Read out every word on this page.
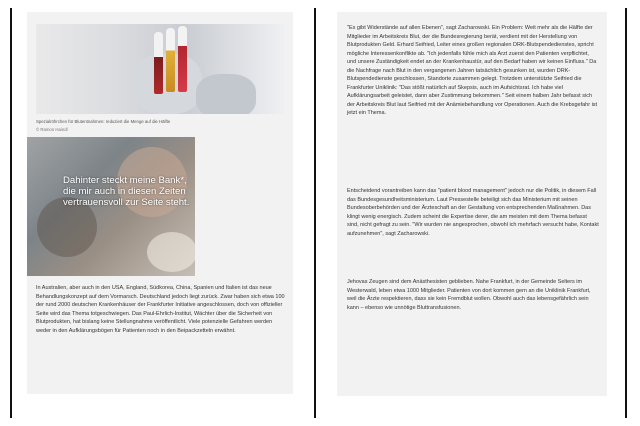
Spezialröhrchen für Blutentnahmen: reduziert die Menge auf die Hälfte
© Ramon Haindl
Dahinter steckt meine Bank*, die mir auch in diesen Zeiten vertrauensvoll zur Seite steht.

In Australien, aber auch in den USA, England, Südkorea, China, Spanien und Italien ist das neue Behandlungskonzept auf dem Vormarsch. Deutschland jedoch liegt zurück. Zwar haben sich etwa 100 der rund 2000 deutschen Krankenhäuser der Frankfurter Initiative angeschlossen, doch von offizieller Seite wird das Thema totgeschwiegen. Das Paul-Ehrlich-Institut, Wächter über die Sicherheit von Blutprodukten, hat bislang keine Stellungnahme veröffentlicht. Viele potenzielle Gefahren werden weder in den Aufklärungsbögen für Patienten noch in den Beipackzetteln erwähnt.

"Es gibt Widerstände auf allen Ebenen", sagt Zacharowski. Ein Problem: Weit mehr als die Hälfte der Mitglieder im Arbeitskreis Blut, der die Bundesregierung berät, verdient mit der Herstellung von Blutprodukten Geld. Erhard Seifried, Leiter eines großen regionalen DRK-Blutspendedienstes, spricht mögliche Interessenkonflikte ab. "Ich jedenfalls fühle mich als Arzt zuerst den Patienten verpflichtet, und unsere Zuständigkeit endet an der Krankenhaustür, auf den Bedarf haben wir keinen Einfluss." Da die Nachfrage nach Blut in den vergangenen Jahren tatsächlich gesunken ist, wurden DRK-Blutspendedienste geschlossen, Standorte zusammen gelegt. Trotzdem unterstützte Seifried die Frankfurter Uniklinik: "Das stößt natürlich auf Skepsis, auch im Aufsichtsrat. Ich habe viel Aufklärungsarbeit geleistet, dann aber Zustimmung bekommen." Seit einem halben Jahr befasst sich der Arbeitskreis Blut laut Seifried mit der Anämiebehandlung vor Operationen. Auch die Krebsgefahr ist jetzt ein Thema.

Entscheidend vorantreiben kann das "patient blood management" jedoch nur die Politik, in diesem Fall das Bundesgesundheitsministerium. Laut Pressestelle beteiligt sich das Ministerium mit seinen Bundesoberbehörden und der Ärzteschaft an der Gestaltung von entsprechenden Maßnahmen. Das klingt wenig energisch. Zudem scheint die Expertise derer, die am meisten mit dem Thema befasst sind, nicht gefragt zu sein. "Wir wurden nie angesprochen, obwohl ich mehrfach versucht habe, Kontakt aufzunehmen", sagt Zacharowski.

Jehovas Zeugen sind dem Anästhesisten geblieben. Nahe Frankfurt, in der Gemeinde Selters im Westerwald, leben etwa 1000 Mitglieder. Patienten von dort kommen gern an die Uniklinik Frankfurt, weil die Ärzte respektieren, dass sie kein Fremdblut wollen. Obwohl auch das lebensgefährlich sein kann – ebenso wie unnötige Bluttransfusionen.
